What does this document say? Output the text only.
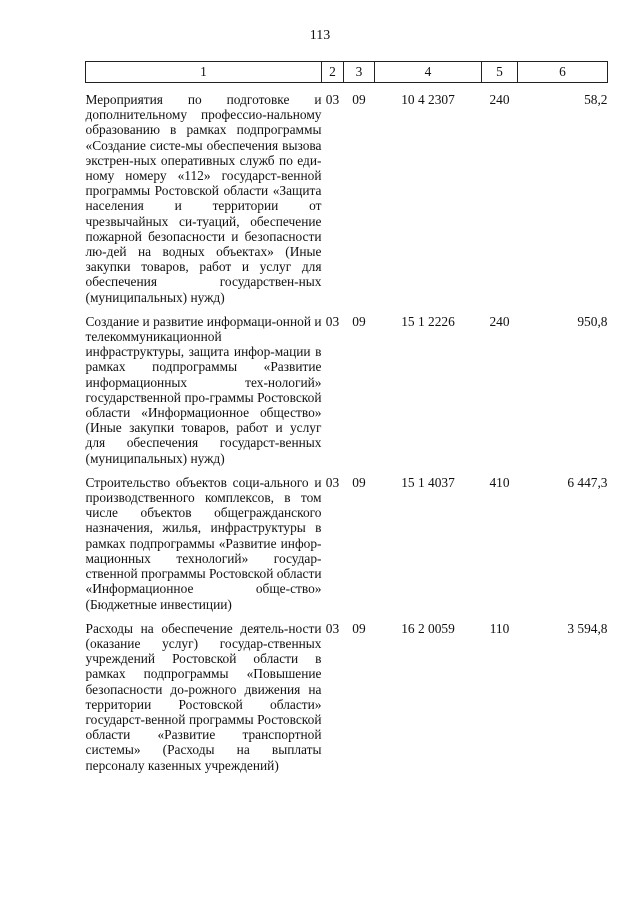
113
1	2	3	4	5	6

Мероприятия по подготовке и дополнительному профессио-нальному образованию в рамках подпрограммы «Создание систе-мы обеспечения вызова экстрен-ных оперативных служб по еди-ному номеру «112» государст-венной программы Ростовской области «Защита населения и территории от чрезвычайных си-туаций, обеспечение пожарной безопасности и безопасности лю-дей на водных объектах» (Иные закупки товаров, работ и услуг для обеспечения государствен-ных (муниципальных) нужд)	03	09	10 4 2307	240	58,2

Создание и развитие информаци-онной и телекоммуникационной инфраструктуры, защита инфор-мации в рамках подпрограммы «Развитие информационных тех-нологий» государственной про-граммы Ростовской области «Информационное общество» (Иные закупки товаров, работ и услуг для обеспечения государст-венных (муниципальных) нужд)	03	09	15 1 2226	240	950,8

Строительство объектов соци-ального и производственного комплексов, в том числе объектов общегражданского назначения, жилья, инфраструктуры в рамках подпрограммы «Развитие инфор-мационных технологий» государ-ственной программы Ростовской области «Информационное обще-ство» (Бюджетные инвестиции)	03	09	15 1 4037	410	6 447,3

Расходы на обеспечение деятель-ности (оказание услуг) государ-ственных учреждений Ростовской области в рамках подпрограммы «Повышение безопасности до-рожного движения на территории Ростовской области» государст-венной программы Ростовской области «Развитие транспортной системы» (Расходы на выплаты персоналу казенных учреждений)	03	09	16 2 0059	110	3 594,8
